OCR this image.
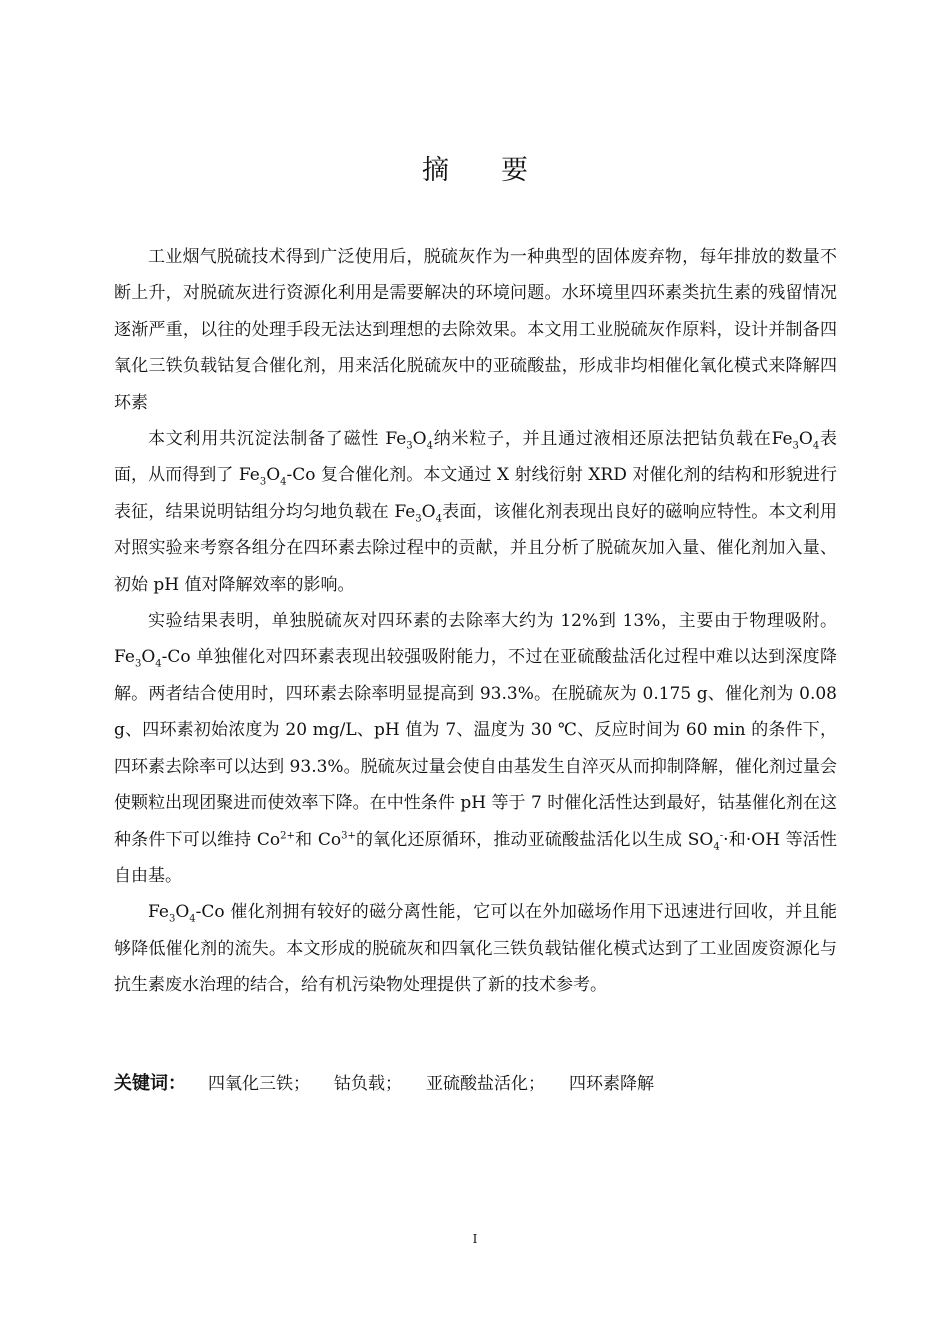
摘 要

工业烟气脱硫技术得到广泛使用后，脱硫灰作为一种典型的固体废弃物，每年排放的数量不断上升，对脱硫灰进行资源化利用是需要解决的环境问题。水环境里四环素类抗生素的残留情况逐渐严重，以往的处理手段无法达到理想的去除效果。本文用工业脱硫灰作原料，设计并制备四氧化三铁负载钴复合催化剂，用来活化脱硫灰中的亚硫酸盐，形成非均相催化氧化模式来降解四环素

本文利用共沉淀法制备了磁性 $Fe_3O_4$纳米粒子，并且通过液相还原法把钴负载在$Fe_3O_4$表面，从而得到了 $Fe_3O_4-Co$ 复合催化剂。本文通过 X 射线衍射 XRD 对催化剂的结构和形貌进行表征，结果说明钴组分均匀地负载在 $Fe_3O_4$表面，该催化剂表现出良好的磁响应特性。本文利用对照实验来考察各组分在四环素去除过程中的贡献，并且分析了脱硫灰加入量、催化剂加入量、初始 pH 值对降解效率的影响。

实验结果表明，单独脱硫灰对四环素的去除率大约为 12%到 13%，主要由于物理吸附。$Fe_3O_4-Co$ 单独催化对四环素表现出较强吸附能力，不过在亚硫酸盐活化过程中难以达到深度降解。两者结合使用时，四环素去除率明显提高到 93.3%。在脱硫灰为 0.175 g、催化剂为 0.08 g、四环素初始浓度为 20 mg/L、pH 值为 7、温度为 30 ℃、反应时间为 60 min 的条件下，四环素去除率可以达到 93.3%。脱硫灰过量会使自由基发生自淬灭从而抑制降解，催化剂过量会使颗粒出现团聚进而使效率下降。在中性条件 pH 等于 7 时催化活性达到最好，钴基催化剂在这种条件下可以维持 $Co^{2+}$和 $Co^{3+}$的氧化还原循环，推动亚硫酸盐活化以生成 $SO_4^-\cdot$和·OH 等活性自由基。

$Fe_3O_4-Co$ 催化剂拥有较好的磁分离性能，它可以在外加磁场作用下迅速进行回收，并且能够降低催化剂的流失。本文形成的脱硫灰和四氧化三铁负载钴催化模式达到了工业固废资源化与抗生素废水治理的结合，给有机污染物处理提供了新的技术参考。

关键词： 四氧化三铁； 钴负载； 亚硫酸盐活化； 四环素降解
I
